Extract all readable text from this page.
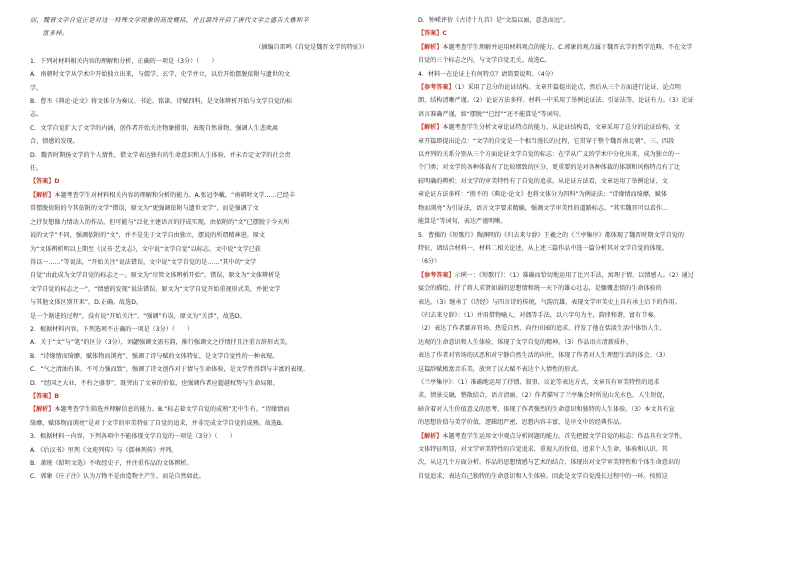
而，魏晋文学自觉正是对这一特殊文学现象的高度概括，并且最终开启了唐代文学之盛告大雅和辛

富多样。

（摘编自雷鸣《自觉是魏晋文学的特征》）

1．下列对材料相关内容的理解和分析，正确的一项是（3分）（　　）

A．南朝时文学从学术中开始独立出来，与儒学、玄学、史学并立，以后开始摆脱依附与遗世的文

学。

B．曹丕《典论·论文》将文体分为奏议、书论、铭诔、诗赋四科，是文体辨析开始与文学自觉的标

志。

C．文学自觉扩大了文学的内涵，创作者开始关注物象摄事，表现自然景物，强调人生悲欢离

合，情感的发现。

D．魏晋时期扬文学的个人情性，借文学表达独有的生命意识和人生体验，并未否定文学的社会责

任。

【答案】D

【解析】本题考查学生对材料相关内容的理解和分析的能力。A.张冠李戴，“南朝时文学……已经丰

常摆脱依附的令其依附的文学”错误，原文为“更强调依附与遗世文学”，而是强调了文

之抒发想像力情动人的作品，但可能与“泛化主建语言的抒成实现，由依附的“文”已摆脱于今天所

说的文学”不同，强调依附的“文”，并不是先于文学自由独立，摆说的所谓精神进。原文

为“文体辨析明以上期至《汉书·艺文志》，文中说“文学自觉”以标志，文中说“文学已获

得以一……”等说法，“开始关注”说法错误，文中说“文学自觉的是……”其中的“文学

自觉”由此成为文学自觉的标志之一。原文为“尽管文体辨析开始”，错误，原文为“文体辨析是

文学自觉的标志之一”，“情感的发现”说法错误，原文为“文学自觉开始重视形式美，并使文学

与其他文体区别开来”。D.正确。故选D。

是一个渐进的过程”，没有说“开始关注”，“强调”有误，原文为“关涉”，故选D。

2．根据材料内容，下列选项不正确的一项是（3分）（　　）

A．关于“文”与“笔”的区分（3分），刘勰强调文需有韵，推行强调文之抒情抒且注重言辞形式美。

B．“诗缘情而绮靡，赋体物而浏亮”，强调了诗与赋的文体特征，是文学自觉性的一种表现。

C．“气之清浊有体，不可力强而致”，强调了诗文创作对于情与生命体验，是文学性得到与丰富的表现。

D．“经国之大业，不朽之盛事”，既突出了文章的价值，也强调作者应超越权势与生命局限。

【答案】B

【解析】本题考查学生筛选并理解信息的能力。B.“标志着文学自觉的成熟”无中生有。“诗缘情而

绮靡，赋体物而浏亮”是对于文学的审美特征了自觉的追求，并非完成文学自觉的成熟。故选B。

3．根据材料一内容，下列各项中不能体现文学自觉的一项是（3分）（　　）

A．《后汉书》里列《文苑列传》与《儒林列传》并列。

B．萧统《昭明文选》不收经史子，并注重作品的文体辨析。

C．郭象《庄子注》认为万物不是由造物主产生，而是自然如此。

D．钟嵘评价《古诗十九首》是“文温以丽，意悲而远”。

【答案】C

【解析】本题考查学生理解并运用材料观点的能力。C.郭象的观点属于魏晋玄学的哲学范畴，不在文学

自觉的三个标志之内，与文学自觉无关。故选C。

4．材料一在论证上有何特点？请简要说明。（4分）

【参考答案】（1）采用了总分的论证结构。文章开篇提出论点，然后从三个方面进行论证，论点明

朗，结构清晰严谨。（2）论证方法多样。材料一中采用了举例论证法、引证法等，论证有力。（3）论证

语言准确严谨，如“摆脱”“已经”“还不能算是”等词句。

【解析】本题考查学生分析文章论证特点的能力。从论证结构看，文章采用了总分的论证结构。文

章开篇即提出论点：“文学的自觉是一个相当漫长的过程，它贯穿于整个魏晋南北朝”，三、四段

以并列的关系分别从三个方面论证文学自觉的标志：在学从广义的学术中分化出来，成为独立的一

个门类；对文学的各种体裁有了比较细致的区分，更重要的是对各种体裁的体制和风格特点有了比

较明确的辨析；对文学的审美特性有了自觉的追求。从论证方法看，文章运用了举例论证、文

章论证方法多样：“胜不的《典论·论文》也将文体分为四科”为例证法；“诗缘情而绮靡，赋体

物而浏亮”为引证法，语言文字要求精确，强调文学审美性的道路标志。“其实魏晋可以看作…

能算是”等词句，表达严谨明晰。

5．曹操的《短歌行》陶渊明的《归去来兮辞》王羲之的《兰亭集序》都体现了魏晋时期文学自觉的

特征，请结合材料一，材料二相关论述，从上述三篇作品中选一篇分析其对文学自觉的体现。

（6分）

【参考答案】示例一：《短歌行》：（1）准确而恰切地运用了比兴手法，寓理于情，以情感人。（2）通过

宴会的描绘，抒了将人求贤如渴的思想情和统一天下的雄心壮志，是慷慨悲愤的生命体验的

表达。（3）继承了《诗经》与四言诗的传统，气韵沉雄，表现文学审美史上具有承上启下的作用。

《归去来兮辞》：（1）并用借物喻人、对偶等手法，以六字句为主，韵律和谐，富有节奏。

（2）表达了作者鄙弃官场、热爱自然、向往田园的追求，抒发了他在恬淡生活中体悟人生、

达观的生命意识和人生体验，体现了文学自觉的精神。（3）作品语言清新质朴，

表达了作者对官场的厌恶和对宁静自然生活的向往，体现了作者对人生理想生活的体会。（3）

这篇辞赋极富音乐美，放突了汉大赋不表达个人情性的形式。

《兰亭集序》：（1）准确地运用了抒情、叙事、议论等表达方式，文章具有审美特性的追求

求，情景交融，整散结合，语言清丽。（2）作者描写了兰亭集会时所见山光水色、人生短促，

暗含着对人生价值意义的思考，体现了作者强烈的生命意识和独特的人生体验。（3）本文具有宣

的思想价值与美学价值，逻辑组严密，思想内容丰富，是序文中的经典作品。

【解析】本题考查学生运用文中观点分析问题的能力。首先把握文学自觉的标志：作品具有文学性，

文体特征明显，对文学审美特性的自觉追求，重视人的价值，追求个人生命，体验和认识。其

次，从这几个方面分析。作品的思想情感与艺术的结合，体现出对文学审美特性和个体生命意识的

自觉追求，表达自己独特的生命意识和人生体验。因此是文学自觉漫长过程中的一环。按照这
